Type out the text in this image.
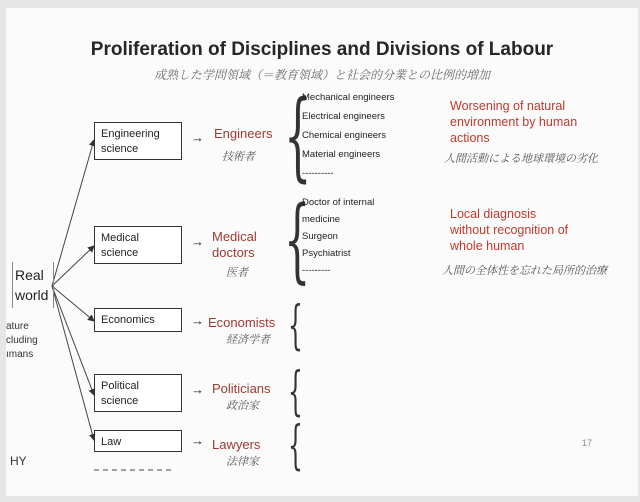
Proliferation of Disciplines and Divisions of Labour
成熟した学問領域（＝教育領域）と社会的分業との比例的増加
Real
world
ature
cluding
ımans
Engineering
science
→ Engineers
技術者 {
Mechanical engineers
Electrical engineers
Chemical engineers
Material engineers
----------
Medical
science
→ Medical
doctors
医者 {
Doctor of internal
medicine
Surgeon
Psychiatrist
---------
Economics	→ Economists
経済学者 {
Political
science
→ Politicians
政治家 {
Law	→ Lawyers
法律家 {
Worsening of natural
environment by human
actions
人間活動による地球環境の劣化
Local diagnosis
without recognition of
whole human
人間の全体性を忘れた局所的治療
HY
17
